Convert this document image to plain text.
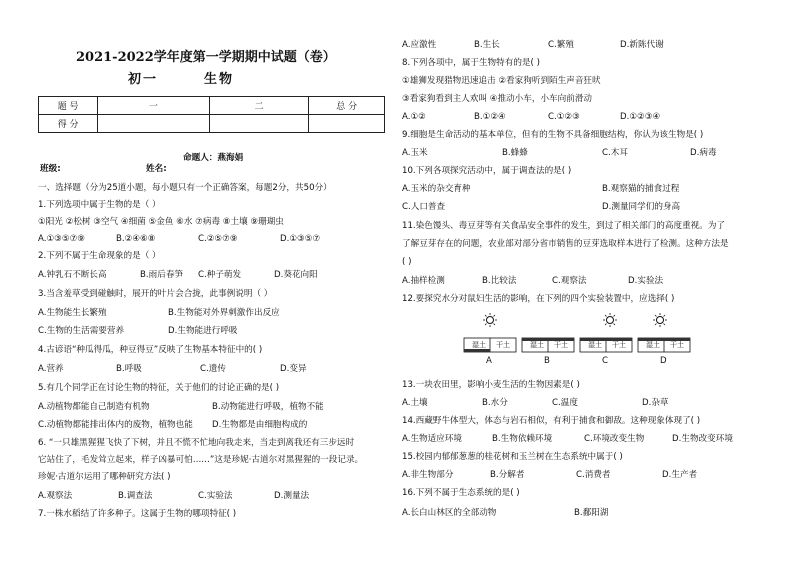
2021-2022学年度第一学期期中试题（卷）
初一	生物
题 号	一	二	总 分
得 分			
命题人：燕海娟
班级:	姓名:
一、选择题（分为25道小题，每小题只有一个正确答案，每题2分，共50分）
1.下列选项中属于生物的是（ ）
①阳光 ②松树 ③空气 ④细菌 ⑤金鱼 ⑥水 ⑦病毒 ⑧土壤 ⑨珊瑚虫
A.①③⑤⑦⑨	B.②④⑥⑧	C.②⑤⑦⑨	D.①③⑤⑦
2.下列不属于生命现象的是（ ）
A.钟乳石不断长高	B.雨后春笋 C.种子萌发	D.葵花向阳
3.当含羞草受到碰触时，展开的叶片会合拢，此事例说明（ ）
A.生物能生长繁殖	B.生物能对外界刺激作出反应
C.生物的生活需要营养	D.生物能进行呼吸
4.古谚语“种瓜得瓜，种豆得豆”反映了生物基本特征中的( )
A.营养	B.呼吸	C.遗传	D.变异
5.有几个同学正在讨论生物的特征，关于他们的讨论正确的是( )
A.动植物都能自己制造有机物	B.动物能进行呼吸，植物不能
C.动植物都能排出体内的废物，植物也能 D.生物都是由细胞构成的
6. “一只雄黑猩猩飞快了下树，并且不慌不忙地向我走来，当走到离我还有三步远时
它站住了，毛发耸立起来，样子凶暴可怕……”这是珍妮·古道尔对黑猩猩的一段记录。
珍妮·古道尔运用了哪种研究方法( )
A.观察法	B.调查法	C.实验法	D.测量法
7.一株水稻结了许多种子。这属于生物的哪项特征( )
A.应激性	B.生长	C.繁殖	D.新陈代谢
8.下列各项中，属于生物特有的是( )
①雄狮发现猎物迅速追击 ②看家狗听到陌生声音狂吠
③看家狗看到主人欢叫 ④推动小车，小车向前滑动
A.①②	B.①②④	C.①②③	D.①②③④
9.细胞是生命活动的基本单位，但有的生物不具备细胞结构，你认为该生物是( )
A.玉米	B.蜂蜂	C.木耳	D.病毒
10.下列各项探究活动中，属于调查法的是( )
A.玉米的杂交育种	B.观察猫的捕食过程
C.人口普查	D.测量同学们的身高
11.染色馒头、毒豆芽等有关食品安全事件的发生，到过了相关部门的高度重视。为了
了解豆芽存在的问题，农业部对部分省市销售的豆芽选取样本进行了检测。这种方法是
( )
A.抽样检测	B.比较法	C.观察法	D.实验法
12.要探究水分对鼠妇生活的影响，在下列的四个实验装置中，应选择( )
湿土 干土	湿土 干土	湿土 干土	湿土 干土
A	B	C	D
13.一块农田里，影响小麦生活的生物因素是( )
A.土壤	B.水分	C.温度	D.杂草
14.西藏野牛体型大，体态与岩石相似，有利于捕食和御敌。这种现象体现了( )
A.生物适应环境	B.生物依赖环境	C.环境改变生物	D.生物改变环境
15.校园内郁郁葱葱的桂花树和玉兰树在生态系统中属于( )
A.非生物部分	B.分解者	C.消费者	D.生产者
16.下列不属于生态系统的是( )
A.长白山林区的全部动物	B.鄱阳湖
